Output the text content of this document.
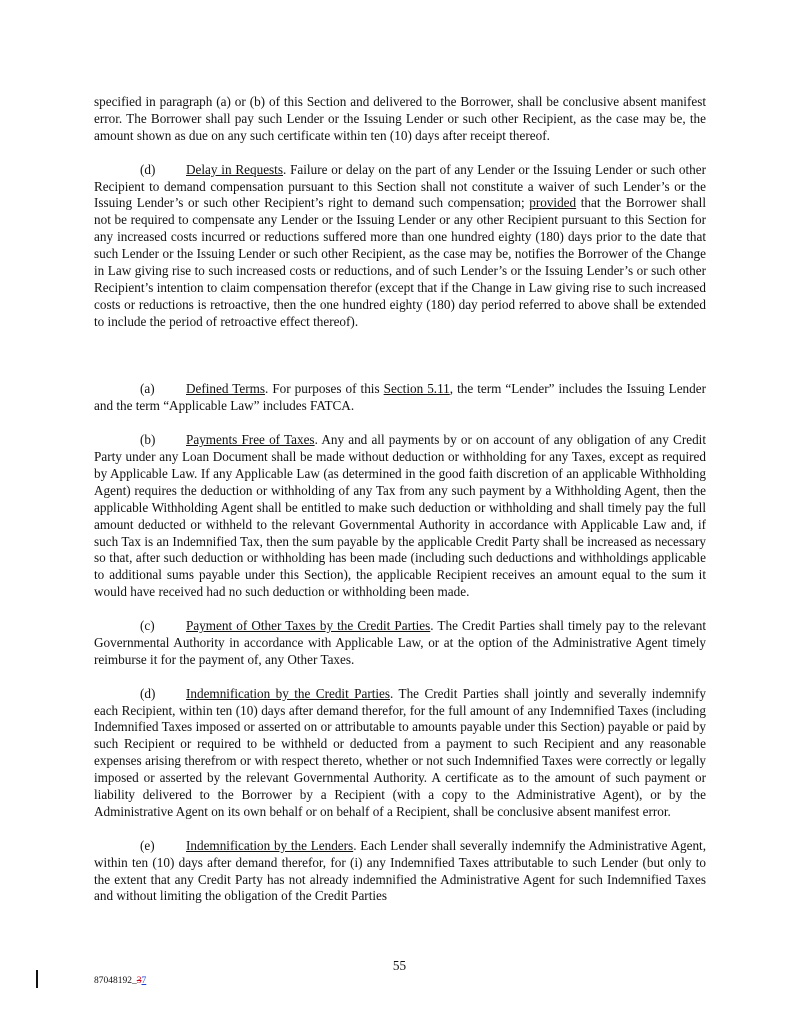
specified in paragraph (a) or (b) of this Section and delivered to the Borrower, shall be conclusive absent manifest error. The Borrower shall pay such Lender or the Issuing Lender or such other Recipient, as the case may be, the amount shown as due on any such certificate within ten (10) days after receipt thereof.

(d) Delay in Requests. Failure or delay on the part of any Lender or the Issuing Lender or such other Recipient to demand compensation pursuant to this Section shall not constitute a waiver of such Lender’s or the Issuing Lender’s or such other Recipient’s right to demand such compensation; provided that the Borrower shall not be required to compensate any Lender or the Issuing Lender or any other Recipient pursuant to this Section for any increased costs incurred or reductions suffered more than one hundred eighty (180) days prior to the date that such Lender or the Issuing Lender or such other Recipient, as the case may be, notifies the Borrower of the Change in Law giving rise to such increased costs or reductions, and of such Lender’s or the Issuing Lender’s or such other Recipient’s intention to claim compensation therefor (except that if the Change in Law giving rise to such increased costs or reductions is retroactive, then the one hundred eighty (180) day period referred to above shall be extended to include the period of retroactive effect thereof).

(a) Defined Terms. For purposes of this Section 5.11, the term “Lender” includes the Issuing Lender and the term “Applicable Law” includes FATCA.

(b) Payments Free of Taxes. Any and all payments by or on account of any obligation of any Credit Party under any Loan Document shall be made without deduction or withholding for any Taxes, except as required by Applicable Law. If any Applicable Law (as determined in the good faith discretion of an applicable Withholding Agent) requires the deduction or withholding of any Tax from any such payment by a Withholding Agent, then the applicable Withholding Agent shall be entitled to make such deduction or withholding and shall timely pay the full amount deducted or withheld to the relevant Governmental Authority in accordance with Applicable Law and, if such Tax is an Indemnified Tax, then the sum payable by the applicable Credit Party shall be increased as necessary so that, after such deduction or withholding has been made (including such deductions and withholdings applicable to additional sums payable under this Section), the applicable Recipient receives an amount equal to the sum it would have received had no such deduction or withholding been made.

(c) Payment of Other Taxes by the Credit Parties. The Credit Parties shall timely pay to the relevant Governmental Authority in accordance with Applicable Law, or at the option of the Administrative Agent timely reimburse it for the payment of, any Other Taxes.

(d) Indemnification by the Credit Parties. The Credit Parties shall jointly and severally indemnify each Recipient, within ten (10) days after demand therefor, for the full amount of any Indemnified Taxes (including Indemnified Taxes imposed or asserted on or attributable to amounts payable under this Section) payable or paid by such Recipient or required to be withheld or deducted from a payment to such Recipient and any reasonable expenses arising therefrom or with respect thereto, whether or not such Indemnified Taxes were correctly or legally imposed or asserted by the relevant Governmental Authority. A certificate as to the amount of such payment or liability delivered to the Borrower by a Recipient (with a copy to the Administrative Agent), or by the Administrative Agent on its own behalf or on behalf of a Recipient, shall be conclusive absent manifest error.

(e) Indemnification by the Lenders. Each Lender shall severally indemnify the Administrative Agent, within ten (10) days after demand therefor, for (i) any Indemnified Taxes attributable to such Lender (but only to the extent that any Credit Party has not already indemnified the Administrative Agent for such Indemnified Taxes and without limiting the obligation of the Credit Parties

55
87048192_37
